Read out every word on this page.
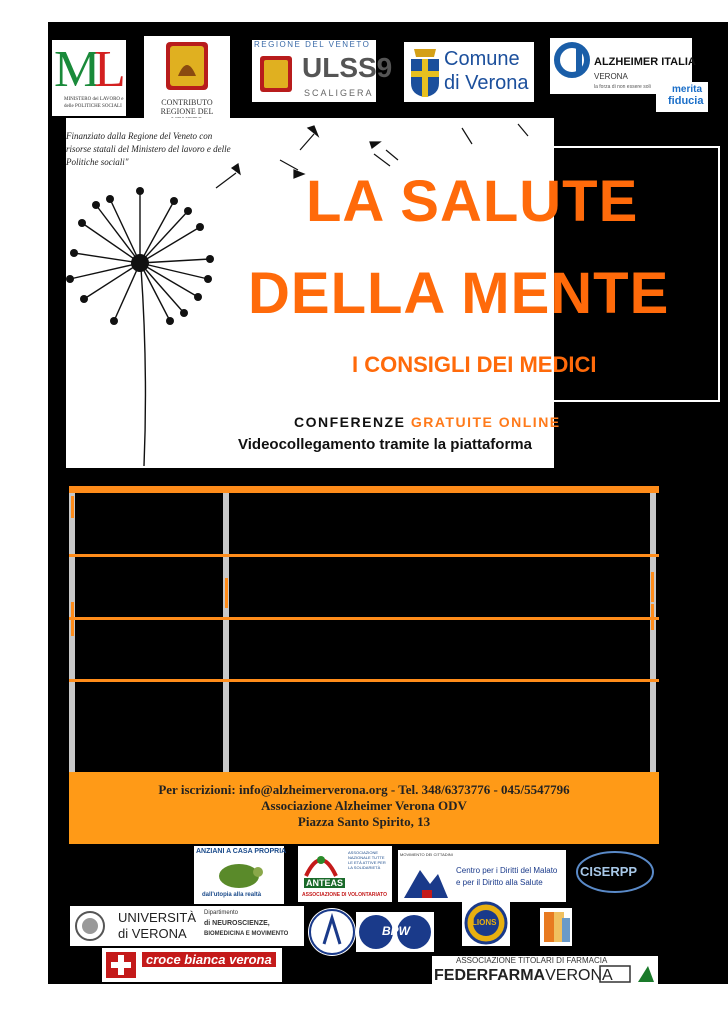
M
L
MINISTERO del LAVORO e delle POLITICHE SOCIALI	CONTRIBUTO REGIONE DEL
REGIONE DEL VENETO
ULSS9
SCALIGERA
Comune
di Verona
ALZHEIMER ITALIA
VERONA
la forza di non essere soli merita
fiducia
Finanziato dalla Regione del Veneto con risorse statali del Ministero del lavoro e delle Politiche sociali"
LA SALUTE
DELLA MENTE
I CONSIGLI DEI MEDICI
CONFERENZE GRATUITE ONLINE
Videocollegamento tramite la piattaforma
Per iscrizioni: info@alzheimerverona.org - Tel. 348/6373776 - 045/5547796
Associazione Alzheimer Verona ODV
Piazza Santo Spirito, 13
ANZIANI A CASA PROPRIA
dall'utopia alla realtà
ANTEAS
ASSOCIAZIONE NAZIONALE TUTTE LE ETÀ ATTIVE PER LA SOLIDARIETÀ
ASSOCIAZIONE DI VOLONTARIATO
MOVIMENTO DEI CITTADINI
Centro per i Diritti del Malato
e per il Diritto alla Salute
CISERPP
UNIVERSITÀ
di VERONA
Dipartimento
di NEUROSCIENZE,
BIOMEDICINA E MOVIMENTO	BPW
LIONS
croce bianca verona	ASSOCIAZIONE TITOLARI DI FARMACIA
FEDERFARMAVERONA
